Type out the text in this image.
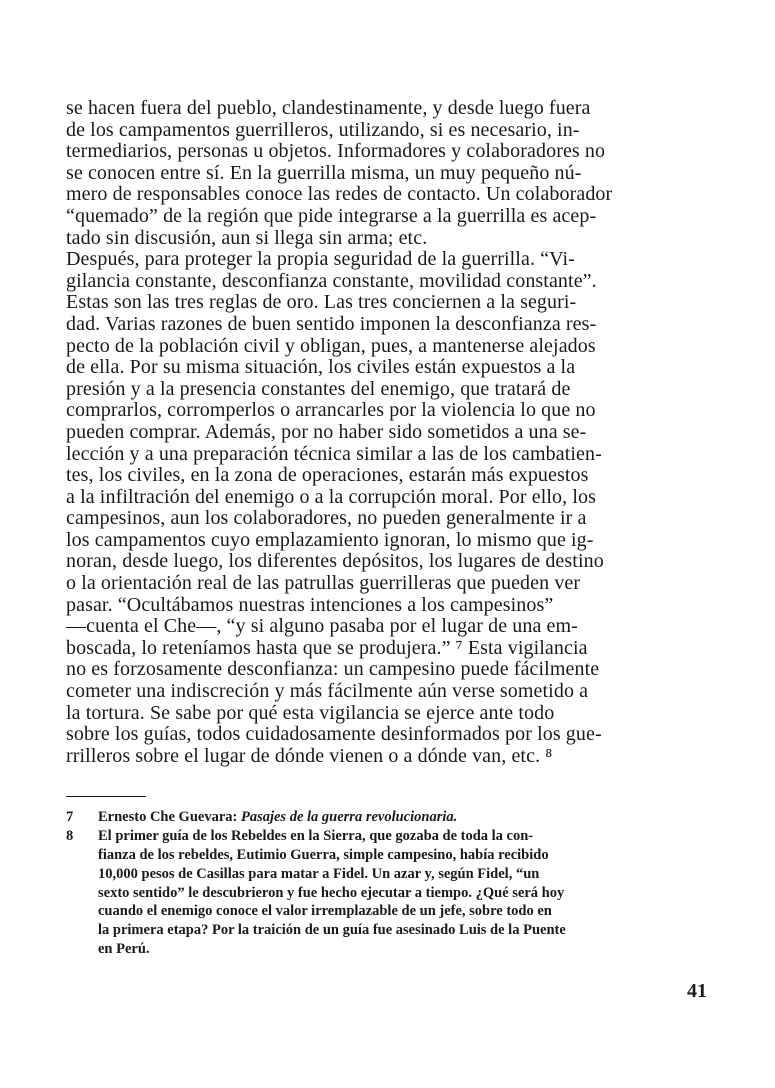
se hacen fuera del pueblo, clandestinamente, y desde luego fuera
de los campamentos guerrilleros, utilizando, si es necesario, in-
termediarios, personas u objetos. Informadores y colaboradores no
se conocen entre sí. En la guerrilla misma, un muy pequeño nú-
mero de responsables conoce las redes de contacto. Un colaborador
“quemado” de la región que pide integrarse a la guerrilla es acep-
tado sin discusión, aun si llega sin arma; etc.
Después, para proteger la propia seguridad de la guerrilla. “Vi-
gilancia constante, desconfianza constante, movilidad constante”.
Estas son las tres reglas de oro. Las tres conciernen a la seguri-
dad. Varias razones de buen sentido imponen la desconfianza res-
pecto de la población civil y obligan, pues, a mantenerse alejados
de ella. Por su misma situación, los civiles están expuestos a la
presión y a la presencia constantes del enemigo, que tratará de
comprarlos, corromperlos o arrancarles por la violencia lo que no
pueden comprar. Además, por no haber sido sometidos a una se-
lección y a una preparación técnica similar a las de los cambatien-
tes, los civiles, en la zona de operaciones, estarán más expuestos
a la infiltración del enemigo o a la corrupción moral. Por ello, los
campesinos, aun los colaboradores, no pueden generalmente ir a
los campamentos cuyo emplazamiento ignoran, lo mismo que ig-
noran, desde luego, los diferentes depósitos, los lugares de destino
o la orientación real de las patrullas guerrilleras que pueden ver
pasar. “Ocultábamos nuestras intenciones a los campesinos”
—cuenta el Che—, “y si alguno pasaba por el lugar de una em-
boscada, lo reteníamos hasta que se produjera.” ⁷ Esta vigilancia
no es forzosamente desconfianza: un campesino puede fácilmente
cometer una indiscreción y más fácilmente aún verse sometido a
la tortura. Se sabe por qué esta vigilancia se ejerce ante todo
sobre los guías, todos cuidadosamente desinformados por los gue-
rrilleros sobre el lugar de dónde vienen o a dónde van, etc. ⁸
7 Ernesto Che Guevara: Pasajes de la guerra revolucionaria.
8 El primer guía de los Rebeldes en la Sierra, que gozaba de toda la con-
fianza de los rebeldes, Eutimio Guerra, simple campesino, había recibido
10,000 pesos de Casillas para matar a Fidel. Un azar y, según Fidel, “un
sexto sentido” le descubrieron y fue hecho ejecutar a tiempo. ¿Qué será hoy
cuando el enemigo conoce el valor irremplazable de un jefe, sobre todo en
la primera etapa? Por la traición de un guía fue asesinado Luis de la Puente
en Perú.
41
